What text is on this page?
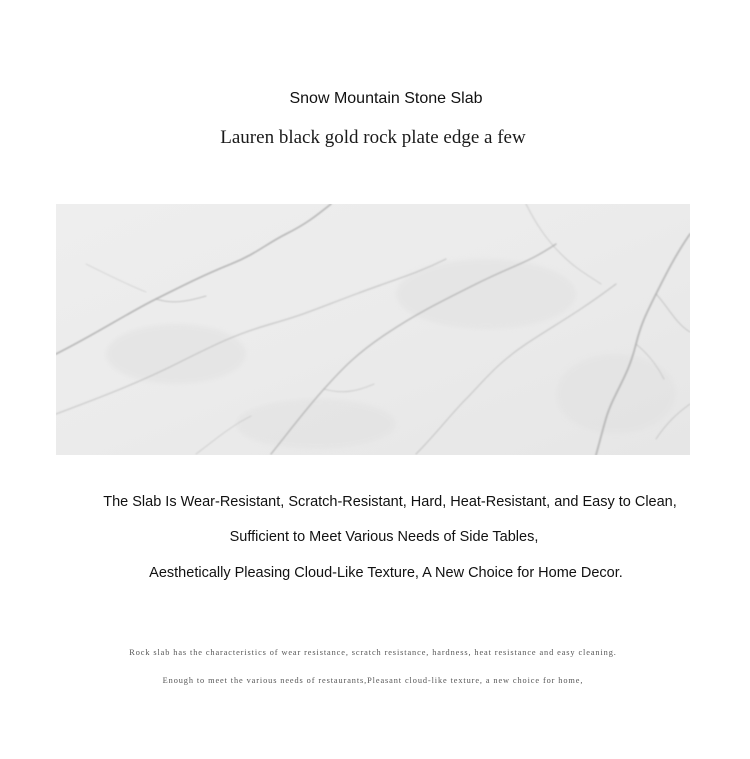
Snow Mountain Stone Slab
Lauren black gold rock plate edge a few
The Slab Is Wear-Resistant, Scratch-Resistant, Hard, Heat-Resistant, and Easy to Clean,
Sufficient to Meet Various Needs of Side Tables,
Aesthetically Pleasing Cloud-Like Texture, A New Choice for Home Decor.
Rock slab has the characteristics of wear resistance, scratch resistance, hardness, heat resistance and easy cleaning.
Enough to meet the various needs of restaurants,Pleasant cloud-like texture, a new choice for home,
